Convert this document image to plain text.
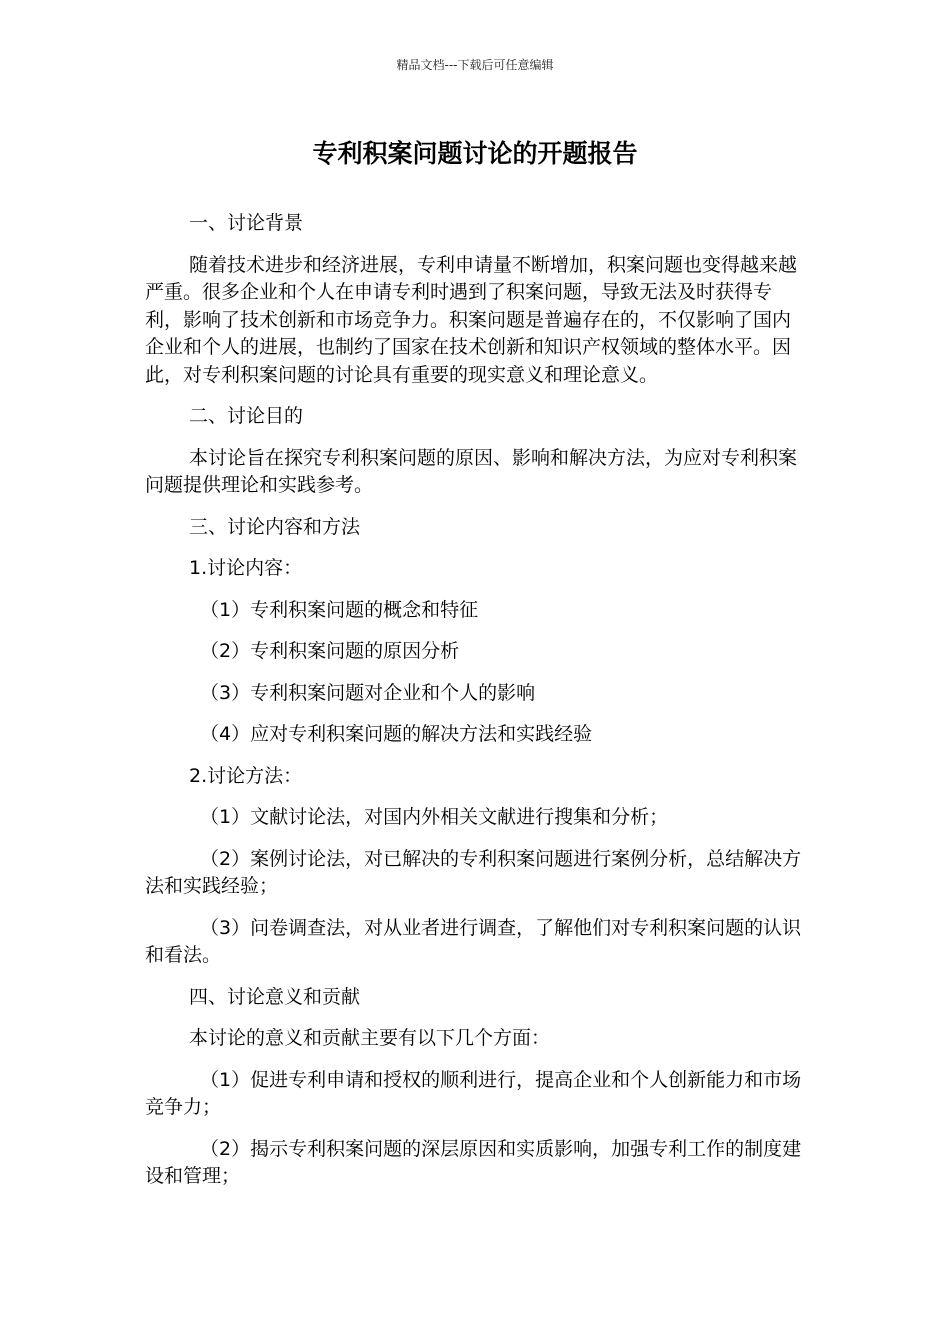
精品文档---下载后可任意编辑
专利积案问题讨论的开题报告

一、讨论背景

随着技术进步和经济进展，专利申请量不断增加，积案问题也变得越来越严重。很多企业和个人在申请专利时遇到了积案问题，导致无法及时获得专利，影响了技术创新和市场竞争力。积案问题是普遍存在的，不仅影响了国内企业和个人的进展，也制约了国家在技术创新和知识产权领域的整体水平。因此，对专利积案问题的讨论具有重要的现实意义和理论意义。

二、讨论目的

本讨论旨在探究专利积案问题的原因、影响和解决方法，为应对专利积案问题提供理论和实践参考。

三、讨论内容和方法

1.讨论内容：

（1）专利积案问题的概念和特征

（2）专利积案问题的原因分析

（3）专利积案问题对企业和个人的影响

（4）应对专利积案问题的解决方法和实践经验

2.讨论方法：

（1）文献讨论法，对国内外相关文献进行搜集和分析；

（2）案例讨论法，对已解决的专利积案问题进行案例分析，总结解决方法和实践经验；

（3）问卷调查法，对从业者进行调查，了解他们对专利积案问题的认识和看法。

四、讨论意义和贡献

本讨论的意义和贡献主要有以下几个方面：

（1）促进专利申请和授权的顺利进行，提高企业和个人创新能力和市场竞争力；

（2）揭示专利积案问题的深层原因和实质影响，加强专利工作的制度建设和管理；
